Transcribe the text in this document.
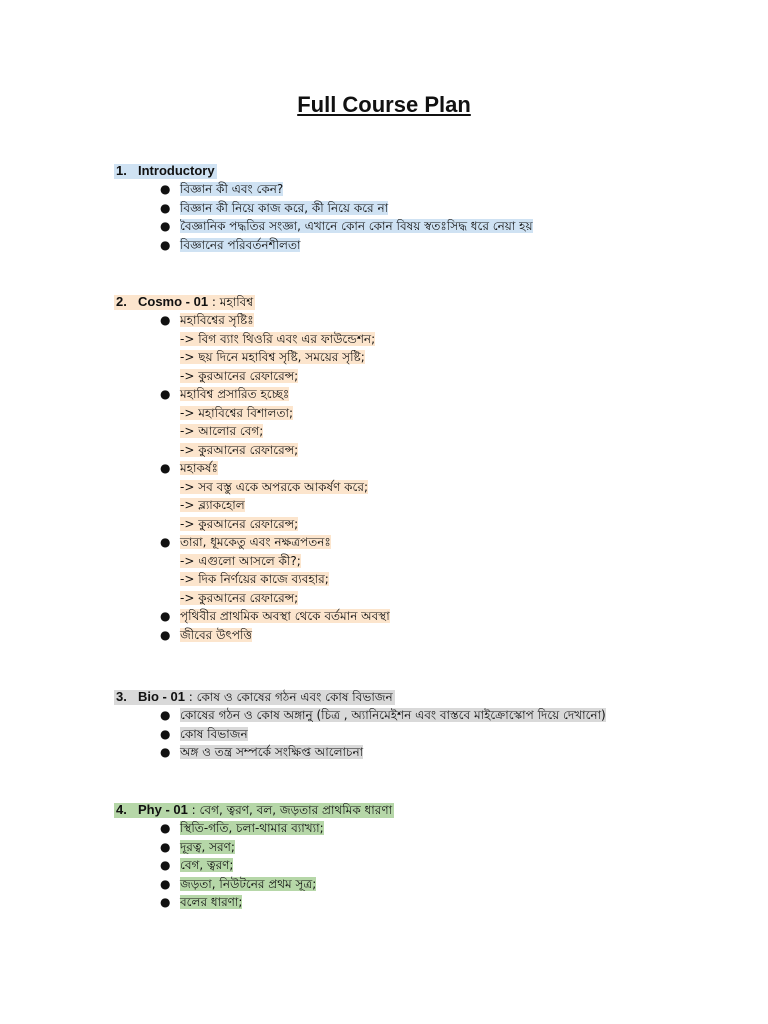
Full Course Plan
1. Introductory
● বিজ্ঞান কী এবং কেন?
● বিজ্ঞান কী নিয়ে কাজ করে, কী নিয়ে করে না
● বৈজ্ঞানিক পদ্ধতির সংজ্ঞা, এখানে কোন কোন বিষয় স্বতঃসিদ্ধ ধরে নেয়া হয়
● বিজ্ঞানের পরিবর্তনশীলতা
2. Cosmo - 01 : মহাবিশ্ব
● মহাবিশ্বের সৃষ্টিঃ
-> বিগ ব্যাং থিওরি এবং এর ফাউন্ডেশন;
-> ছয় দিনে মহাবিশ্ব সৃষ্টি, সময়ের সৃষ্টি;
-> কুরআনের রেফারেন্স;
● মহাবিশ্ব প্রসারিত হচ্ছেঃ
-> মহাবিশ্বের বিশালতা;
-> আলোর বেগ;
-> কুরআনের রেফারেন্স;
● মহাকর্ষঃ
-> সব বস্তু একে অপরকে আকর্ষণ করে;
-> ব্ল্যাকহোল
-> কুরআনের রেফারেন্স;
● তারা, ধূমকেতু এবং নক্ষত্রপতনঃ
-> এগুলো আসলে কী?;
-> দিক নির্ণয়ের কাজে ব্যবহার;
-> কুরআনের রেফারেন্স;
● পৃথিবীর প্রাথমিক অবস্থা থেকে বর্তমান অবস্থা
● জীবের উৎপত্তি
3. Bio - 01 : কোষ ও কোষের গঠন এবং কোষ বিভাজন
● কোষের গঠন ও কোষ অঙ্গানু (চিত্র , অ্যানিমেইশন এবং বাস্তবে মাইক্রোস্কোপ দিয়ে দেখানো)
● কোষ বিভাজন
● অঙ্গ ও তন্ত্র সম্পর্কে সংক্ষিপ্ত আলোচনা
4. Phy - 01 : বেগ, ত্বরণ, বল, জড়তার প্রাথমিক ধারণা
● স্থিতি-গতি, চলা-থামার ব্যাখ্যা;
● দূরত্ব, সরণ;
● বেগ, ত্বরণ;
● জড়তা, নিউটনের প্রথম সূত্র;
● বলের ধারণা;
